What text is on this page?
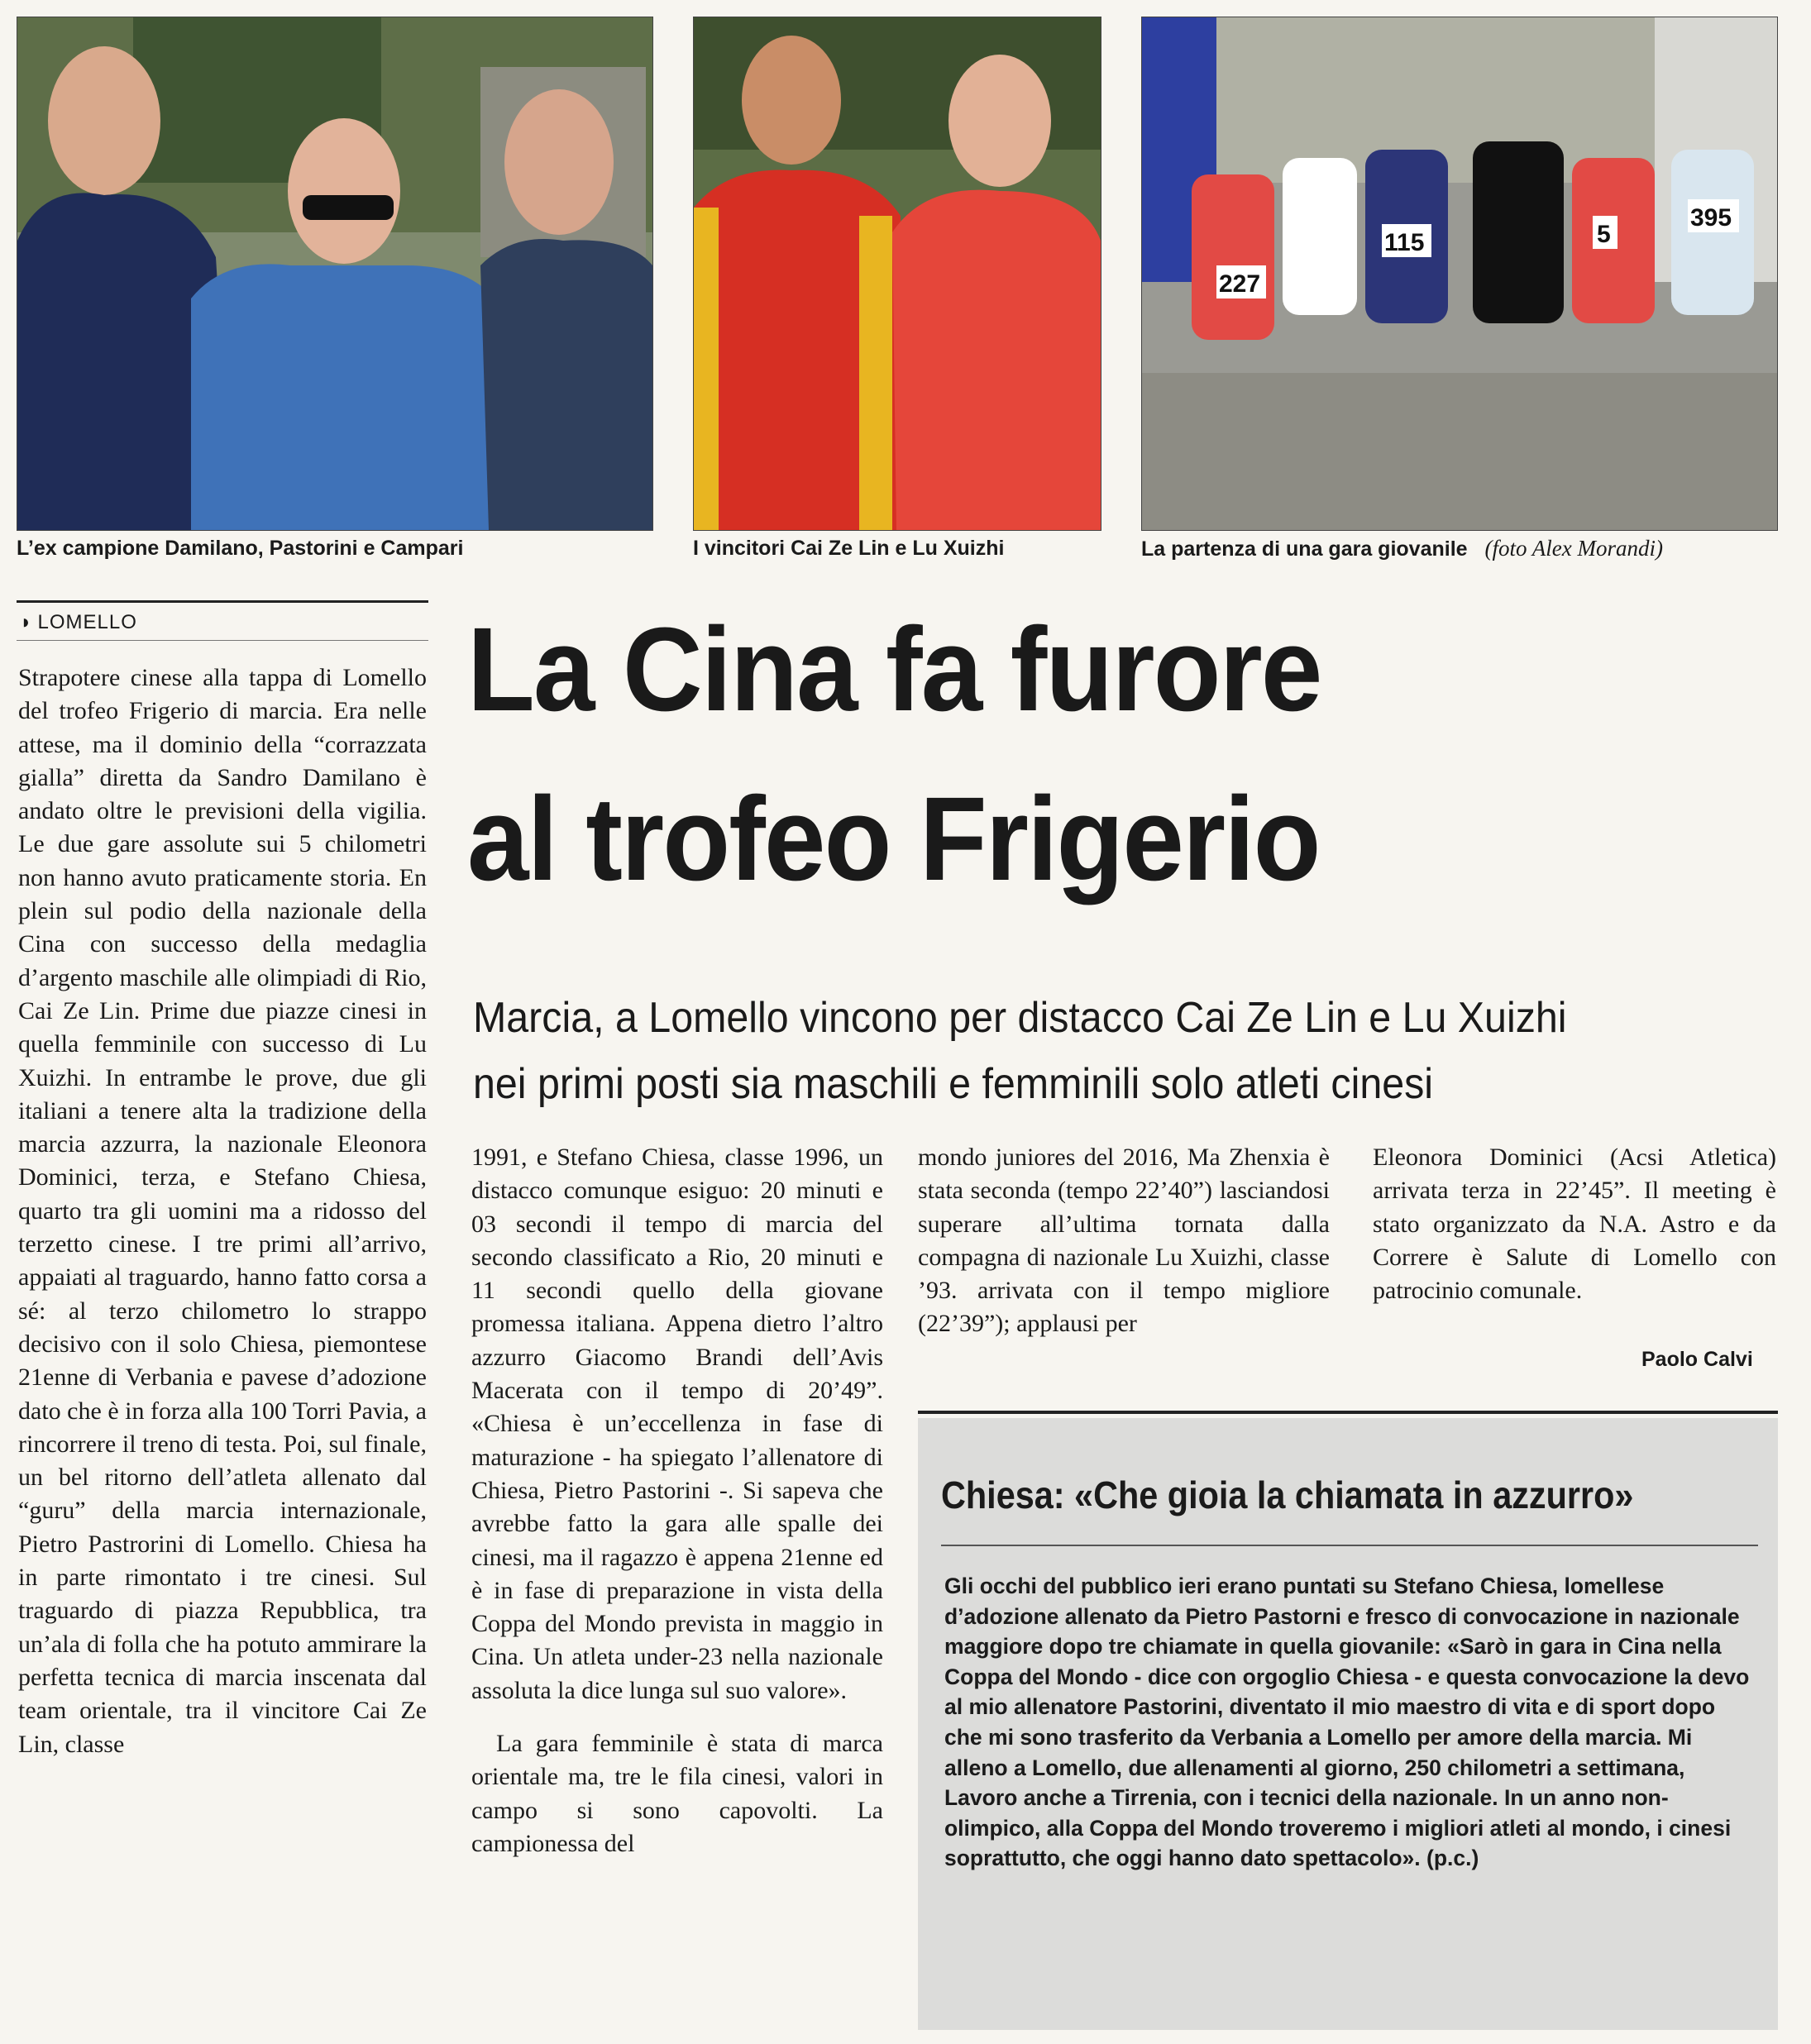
L’ex campione Damilano, Pastorini e Campari	I vincitori Cai Ze Lin e Lu Xuizhi
227
115
395
5
La partenza di una gara giovanile (foto Alex Morandi)
◗ LOMELLO	La Cina fa furore
al trofeo Frigerio
Marcia, a Lomello vincono per distacco Cai Ze Lin e Lu Xuizhi
nei primi posti sia maschili e femminili solo atleti cinesi

Strapotere cinese alla tappa di Lomello del trofeo Frigerio di marcia. Era nelle attese, ma il dominio della “corrazzata gialla” diretta da Sandro Damilano è andato oltre le previsioni della vigilia. Le due gare assolute sui 5 chilometri non hanno avuto praticamente storia. En plein sul podio della nazionale della Cina con successo della medaglia d’argento maschile alle olimpiadi di Rio, Cai Ze Lin. Prime due piazze cinesi in quella femminile con successo di Lu Xuizhi. In entrambe le prove, due gli italiani a tenere alta la tradizione della marcia azzurra, la nazionale Eleonora Dominici, terza, e Stefano Chiesa, quarto tra gli uomini ma a ridosso del terzetto cinese. I tre primi all’arrivo, appaiati al traguardo, hanno fatto corsa a sé: al terzo chilometro lo strappo decisivo con il solo Chiesa, piemontese 21enne di Verbania e pavese d’adozione dato che è in forza alla 100 Torri Pavia, a rincorrere il treno di testa. Poi, sul finale, un bel ritorno dell’atleta allenato dal “guru” della marcia internazionale, Pietro Pastrorini di Lomello. Chiesa ha in parte rimontato i tre cinesi. Sul traguardo di piazza Repubblica, tra un’ala di folla che ha potuto ammirare la perfetta tecnica di marcia inscenata dal team orientale, tra il vincitore Cai Ze Lin, classe

1991, e Stefano Chiesa, classe 1996, un distacco comunque esiguo: 20 minuti e 03 secondi il tempo di marcia del secondo classificato a Rio, 20 minuti e 11 secondi quello della giovane promessa italiana. Appena dietro l’altro azzurro Giacomo Brandi dell’Avis Macerata con il tempo di 20’49”. «Chiesa è un’eccellenza in fase di maturazione - ha spiegato l’allenatore di Chiesa, Pietro Pastorini -. Si sapeva che avrebbe fatto la gara alle spalle dei cinesi, ma il ragazzo è appena 21enne ed è in fase di preparazione in vista della Coppa del Mondo prevista in maggio in Cina. Un atleta under-23 nella nazionale assoluta la dice lunga sul suo valore».

La gara femminile è stata di marca orientale ma, tre le fila cinesi, valori in campo si sono capovolti. La campionessa del

mondo juniores del 2016, Ma Zhenxia è stata seconda (tempo 22’40”) lasciandosi superare all’ultima tornata dalla compagna di nazionale Lu Xuizhi, classe ’93. arrivata con il tempo migliore (22’39”); applausi per

Eleonora Dominici (Acsi Atletica) arrivata terza in 22’45”. Il meeting è stato organizzato da N.A. Astro e da Correre è Salute di Lomello con patrocinio comunale.

Paolo Calvi
Chiesa: «Che gioia la chiamata in azzurro»
Gli occhi del pubblico ieri erano puntati su Stefano Chiesa, lomellese d’adozione allenato da Pietro Pastorni e fresco di convocazione in nazionale maggiore dopo tre chiamate in quella giovanile: «Sarò in gara in Cina nella Coppa del Mondo - dice con orgoglio Chiesa - e questa convocazione la devo al mio allenatore Pastorini, diventato il mio maestro di vita e di sport dopo che mi sono trasferito da Verbania a Lomello per amore della marcia. Mi alleno a Lomello, due allenamenti al giorno, 250 chilometri a settimana, Lavoro anche a Tirrenia, con i tecnici della nazionale. In un anno non-olimpico, alla Coppa del Mondo troveremo i migliori atleti al mondo, i cinesi soprattutto, che oggi hanno dato spettacolo». (p.c.)
